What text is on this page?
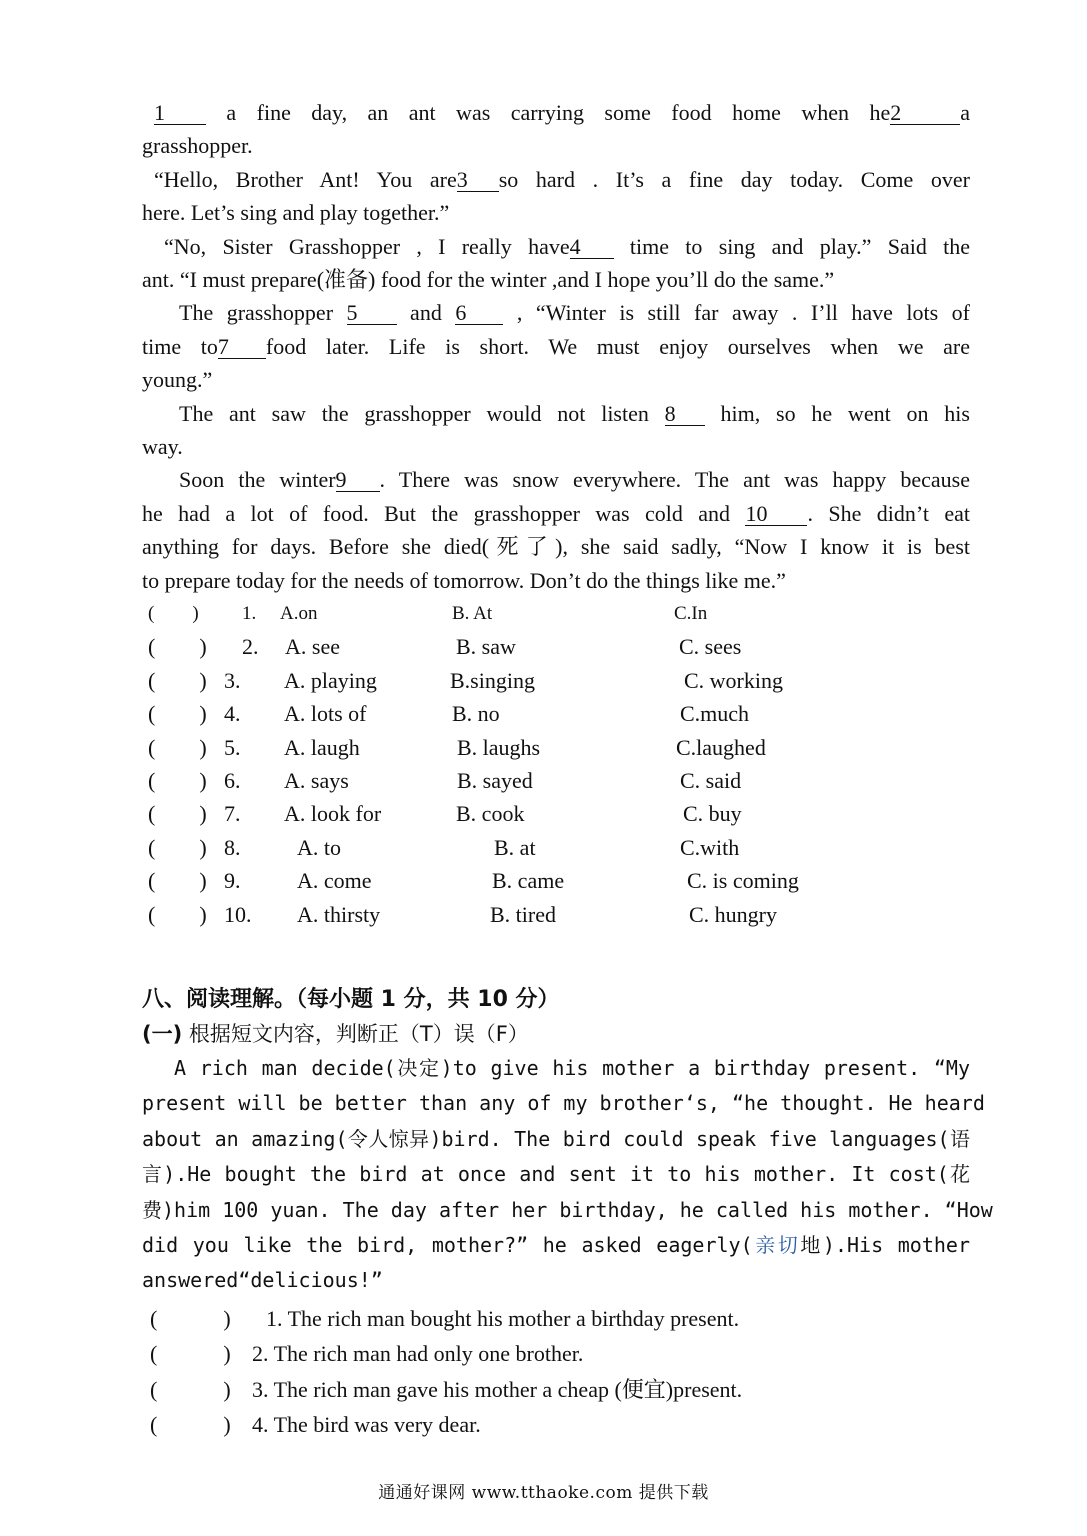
1 a fine day, an ant was carrying some food home when he2	a
grasshopper.
“Hello, Brother Ant! You are3 so hard . It’s a fine day today. Come over
here. Let’s sing and play together.”
“No, Sister Grasshopper , I really have4 time to sing and play.” Said the
ant. “I must prepare(准备) food for the winter ,and I hope you’ll do the same.”
The grasshopper 5 and 6 , “Winter is still far away . I’ll have lots of
time to7 food later. Life is short. We must enjoy ourselves when we are
young.”
The ant saw the grasshopper would not listen 8 him, so he went on his
way.
Soon the winter9 . There was snow everywhere. The ant was happy because
he had a lot of food. But the grasshopper was cold and 10 . She didn’t eat
anything for days. Before she died(死了), she said sadly, “Now I know it is best
to prepare today for the needs of tomorrow. Don’t do the things like me.”
(　　) 1. A.on	B. At	C.In
(　　) 2. A. see	B. saw	C. sees
(　　) 3. A. playing	B.singing	C. working
(　　) 4. A. lots of	B. no	C.much
(　　) 5. A. laugh	B. laughs	C.laughed
(　　) 6. A. says	B. sayed	C. said
(　　) 7. A. look for	B. cook	C. buy
(　　) 8.	A. to	B. at	C.with
(　　) 9.	A. come	B. came	C. is coming
(　　) 10. A. thirsty	B. tired	C. hungry
八、阅读理解。（每小题 1 分，共 10 分）
(一) 根据短文内容，判断正（T）误（F）
A rich man decide(决定)to give his mother a birthday present. “My
present will be better than any of my brother‘s, “he thought. He heard
about an amazing(令人惊异)bird. The bird could speak five languages(语
言).He bought the bird at once and sent it to his mother. It cost(花
费)him 100 yuan. The day after her birthday, he called his mother. “How
did you like the bird, mother?” he asked eagerly(亲切地).His mother
answered“delicious!”
(　　　) 1. The rich man bought his mother a birthday present.
(　　　) 2. The rich man had only one brother.
(　　　) 3. The rich man gave his mother a cheap (便宜)present.
(　　　) 4. The bird was very dear.
通通好课网 www.tthaoke.com 提供下载
